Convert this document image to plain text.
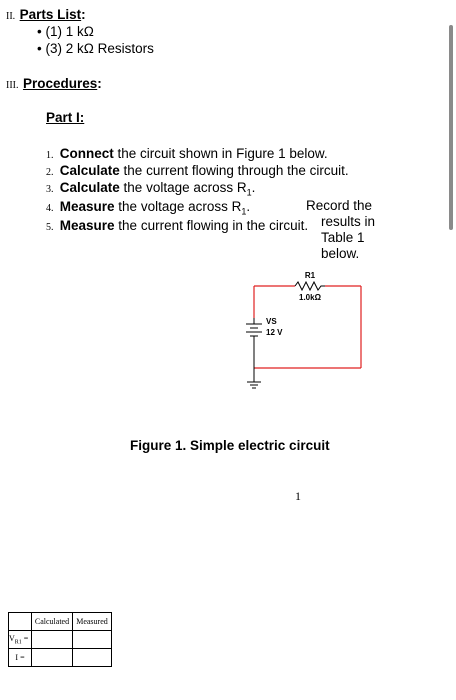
II. Parts List:
• (1) 1 kΩ
• (3) 2 kΩ Resistors
III. Procedures:
Part I:
1. Connect the circuit shown in Figure 1 below.
2. Calculate the current flowing through the circuit.
3. Calculate the voltage across $R_1$.
4. Measure the voltage across $R_1$.
5. Measure the current flowing in the circuit.
Record the
results in
Table 1
below.
R1
1.0kΩ
VS
12 V
Figure 1. Simple electric circuit
1
	Calculated	Measured
$V_{R1}$ =		
I =		
